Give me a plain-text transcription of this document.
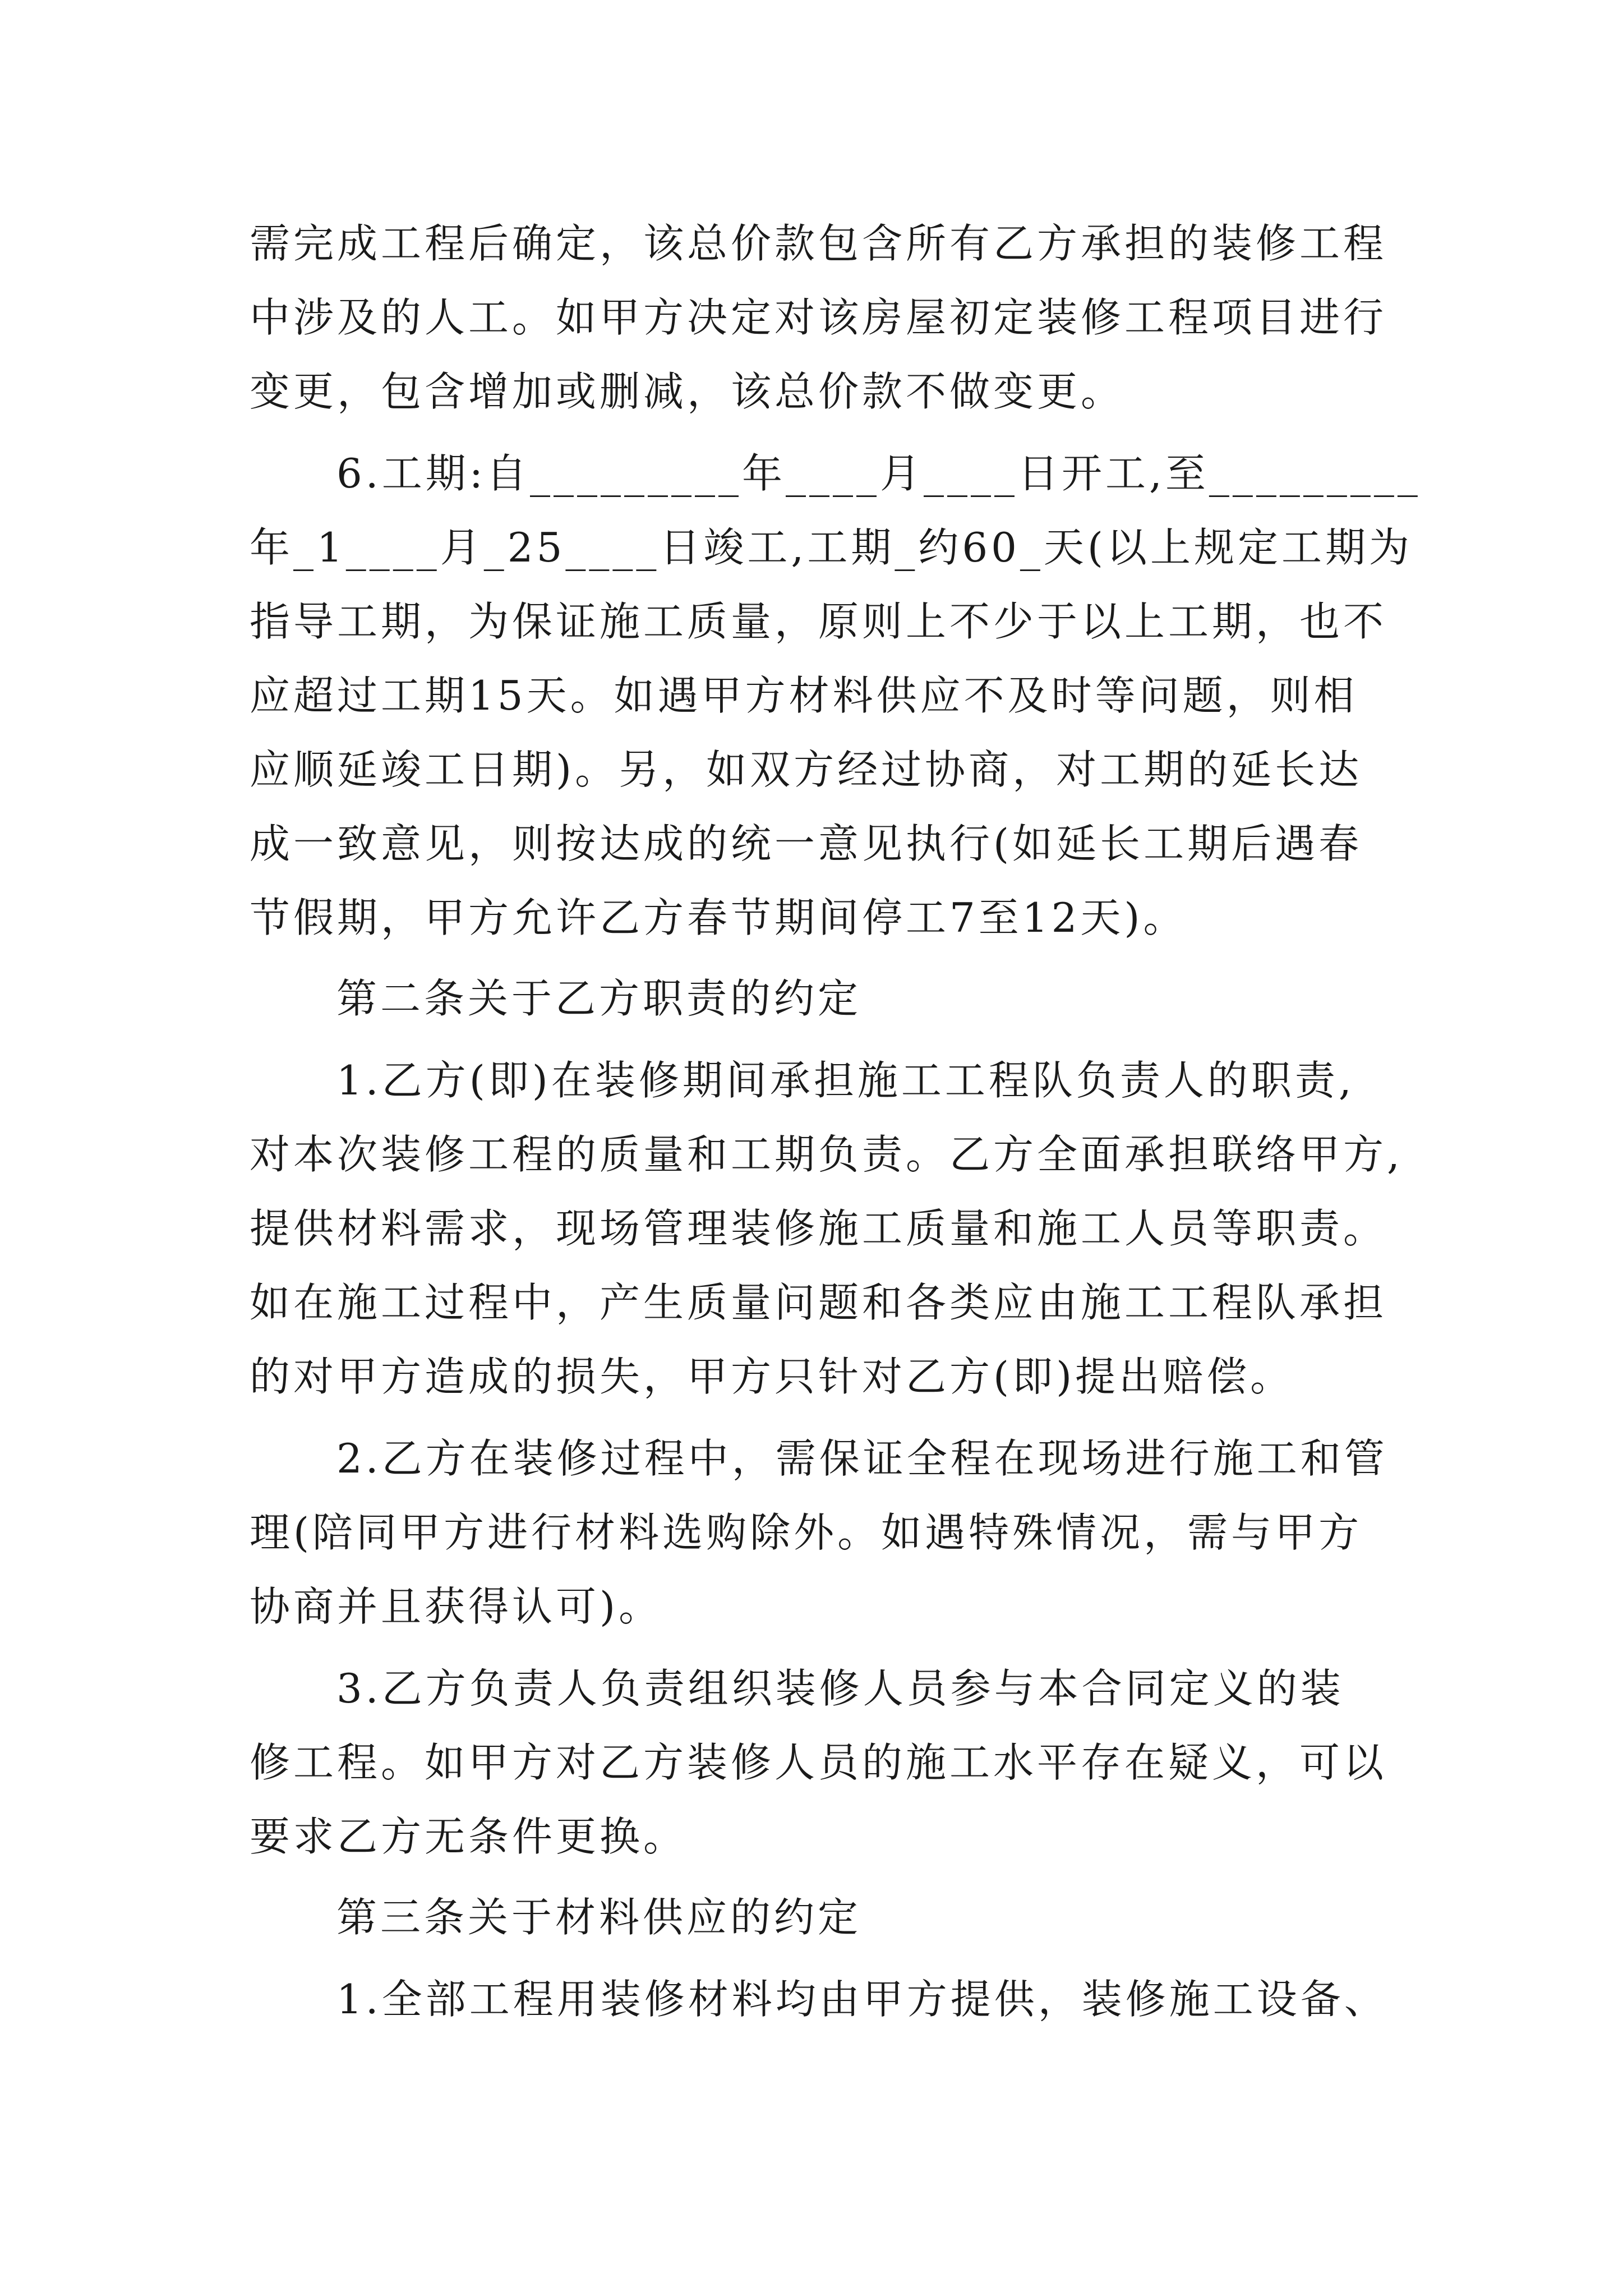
需完成工程后确定，该总价款包含所有乙方承担的装修工程
中涉及的人工。如甲方决定对该房屋初定装修工程项目进行
变更，包含增加或删减，该总价款不做变更。
6.工期:自_________年____月____日开工,至_________
年_1____月_25____日竣工,工期_约60_天(以上规定工期为
指导工期，为保证施工质量，原则上不少于以上工期，也不
应超过工期15天。如遇甲方材料供应不及时等问题，则相
应顺延竣工日期)。另，如双方经过协商，对工期的延长达
成一致意见，则按达成的统一意见执行(如延长工期后遇春
节假期，甲方允许乙方春节期间停工7至12天)。
第二条关于乙方职责的约定
1.乙方(即)在装修期间承担施工工程队负责人的职责,
对本次装修工程的质量和工期负责。乙方全面承担联络甲方,
提供材料需求，现场管理装修施工质量和施工人员等职责。
如在施工过程中，产生质量问题和各类应由施工工程队承担
的对甲方造成的损失，甲方只针对乙方(即)提出赔偿。
2.乙方在装修过程中，需保证全程在现场进行施工和管
理(陪同甲方进行材料选购除外。如遇特殊情况，需与甲方
协商并且获得认可)。
3.乙方负责人负责组织装修人员参与本合同定义的装
修工程。如甲方对乙方装修人员的施工水平存在疑义，可以
要求乙方无条件更换。
第三条关于材料供应的约定
1.全部工程用装修材料均由甲方提供，装修施工设备、
